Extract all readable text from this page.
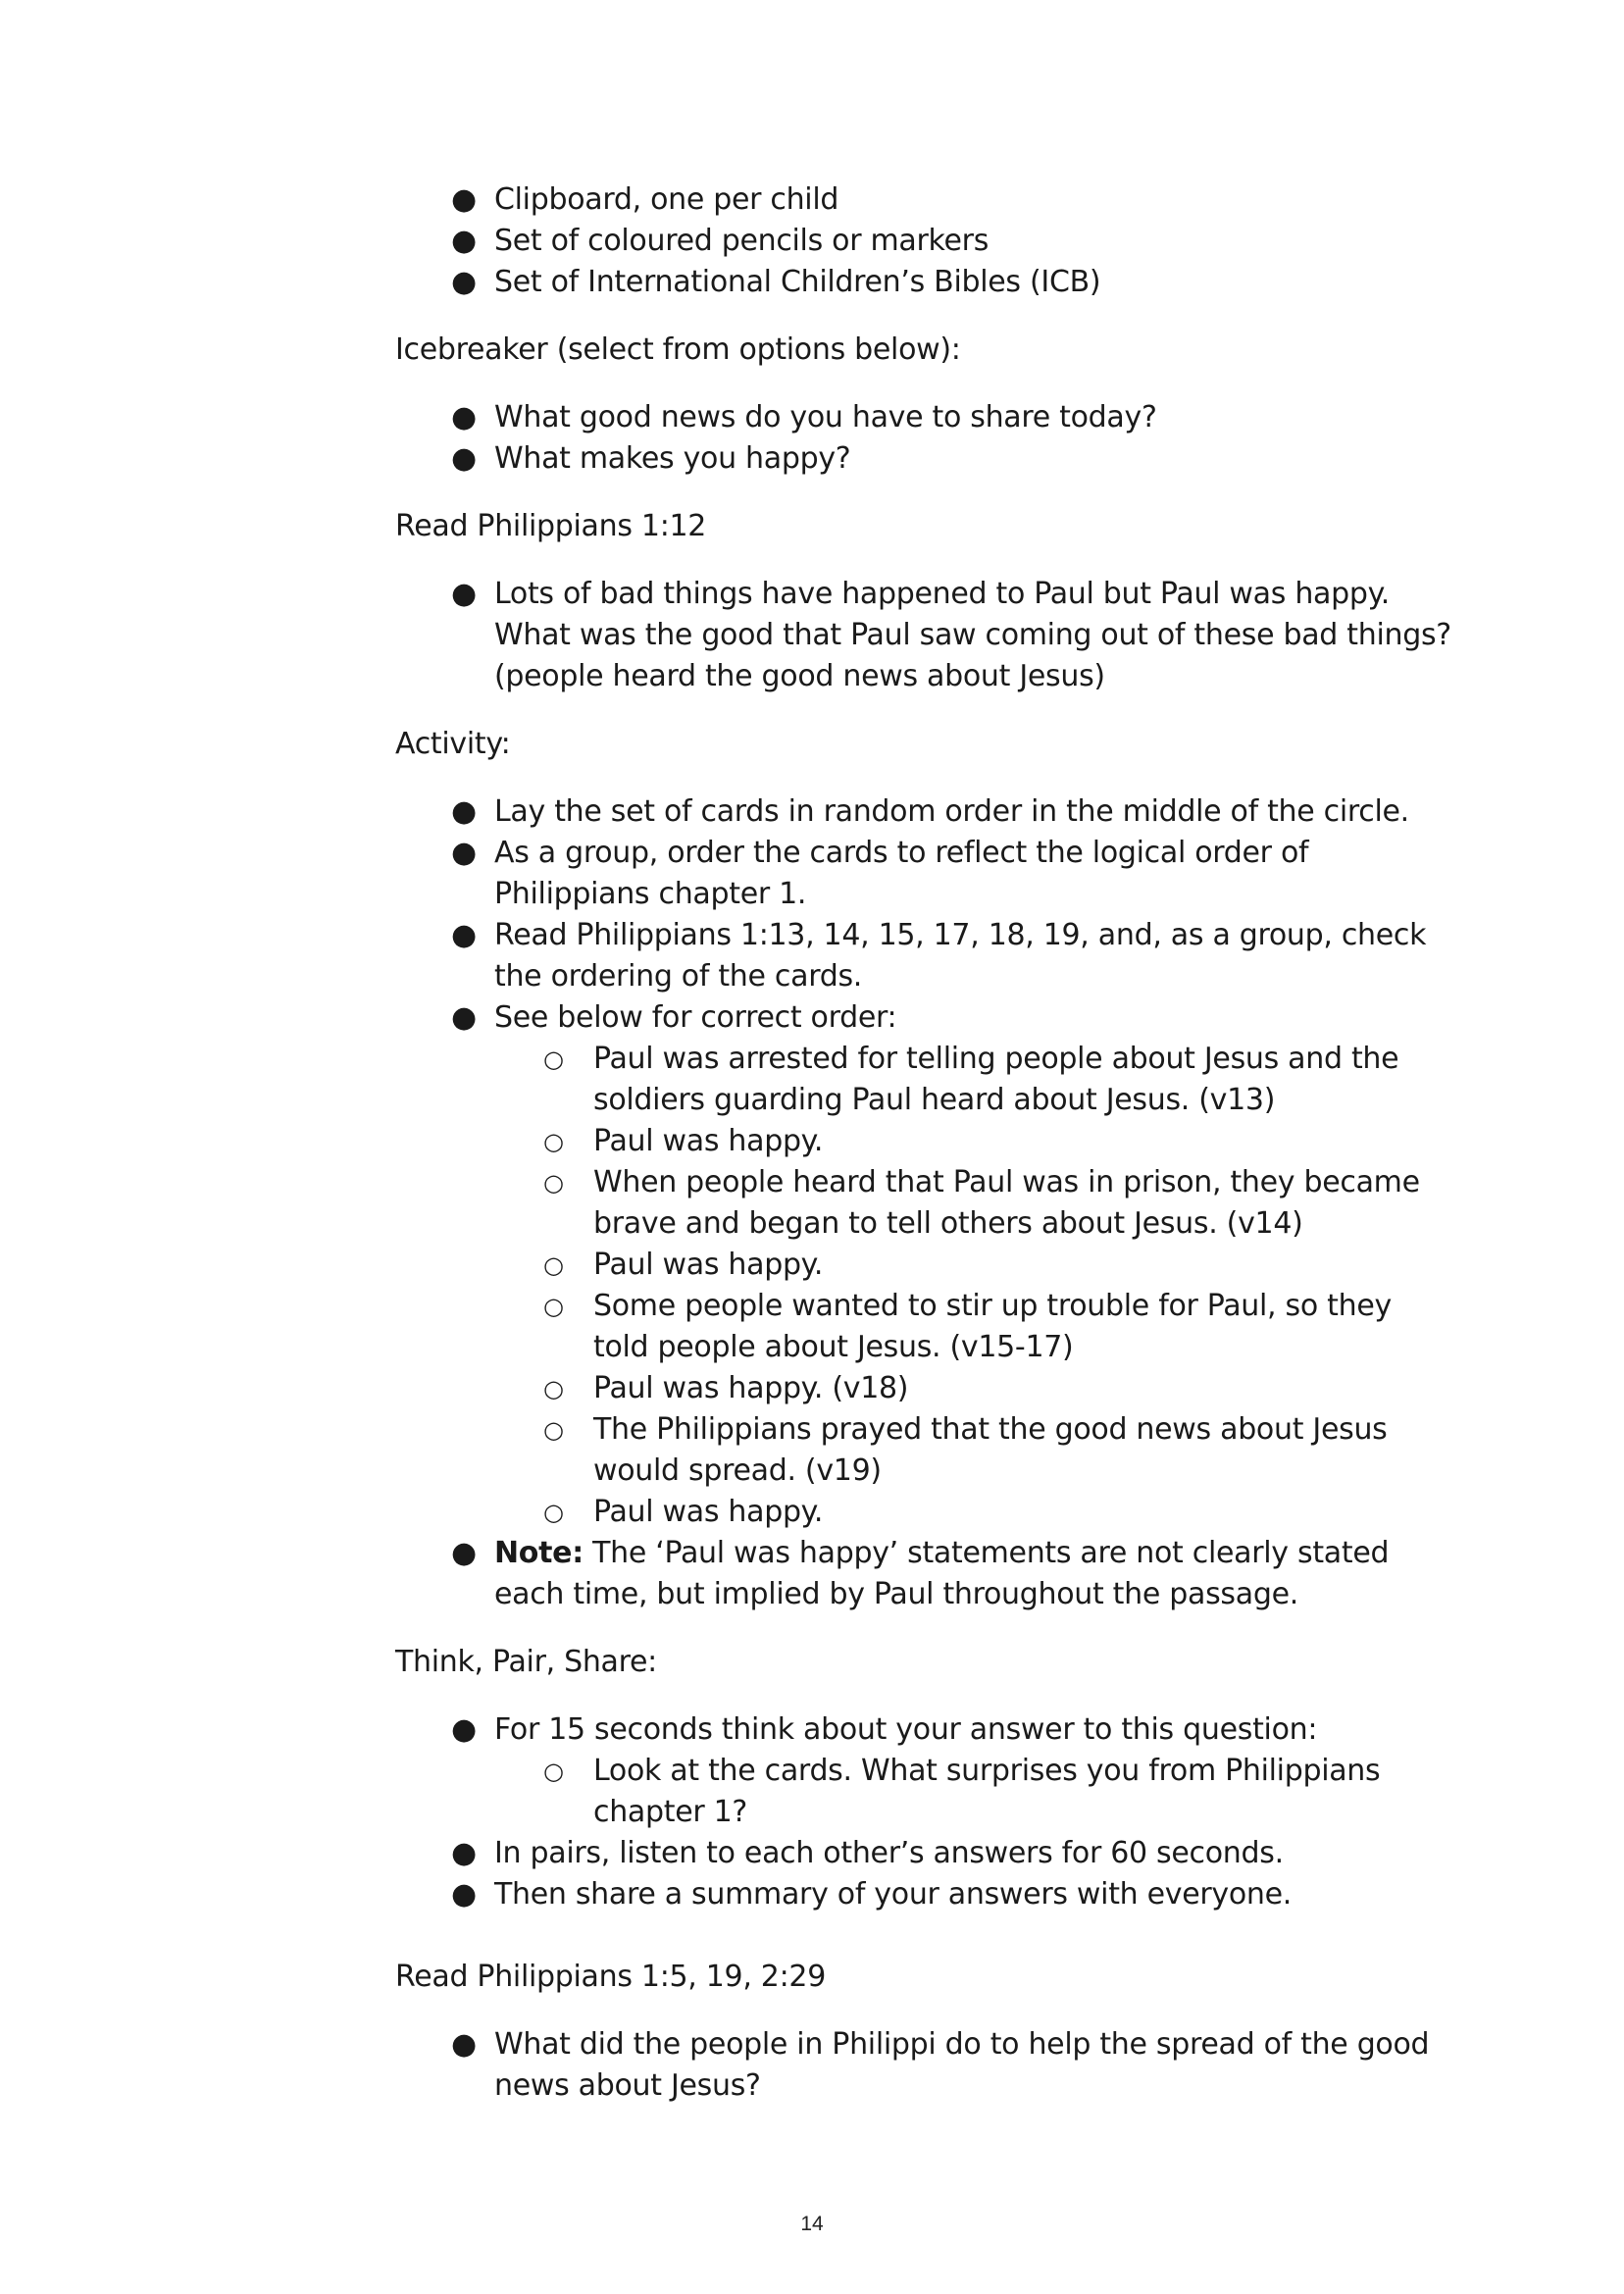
● Clipboard, one per child
● Set of coloured pencils or markers
● Set of International Children’s Bibles (ICB)

Icebreaker (select from options below):

● What good news do you have to share today?
● What makes you happy?

Read Philippians 1:12

● Lots of bad things have happened to Paul but Paul was happy. What was the good that Paul saw coming out of these bad things? (people heard the good news about Jesus)

Activity:

● Lay the set of cards in random order in the middle of the circle.
● As a group, order the cards to reflect the logical order of Philippians chapter 1.
● Read Philippians 1:13, 14, 15, 17, 18, 19, and, as a group, check the ordering of the cards.
● See below for correct order:
○ Paul was arrested for telling people about Jesus and the soldiers guarding Paul heard about Jesus. (v13)
○ Paul was happy.
○ When people heard that Paul was in prison, they became brave and began to tell others about Jesus. (v14)
○ Paul was happy.
○ Some people wanted to stir up trouble for Paul, so they told people about Jesus. (v15-17)
○ Paul was happy. (v18)
○ The Philippians prayed that the good news about Jesus would spread. (v19)
○ Paul was happy.
● Note: The ‘Paul was happy’ statements are not clearly stated each time, but implied by Paul throughout the passage.

Think, Pair, Share:

● For 15 seconds think about your answer to this question:
○ Look at the cards. What surprises you from Philippians chapter 1?
● In pairs, listen to each other’s answers for 60 seconds.
● Then share a summary of your answers with everyone.

Read Philippians 1:5, 19, 2:29

● What did the people in Philippi do to help the spread of the good news about Jesus?
14
